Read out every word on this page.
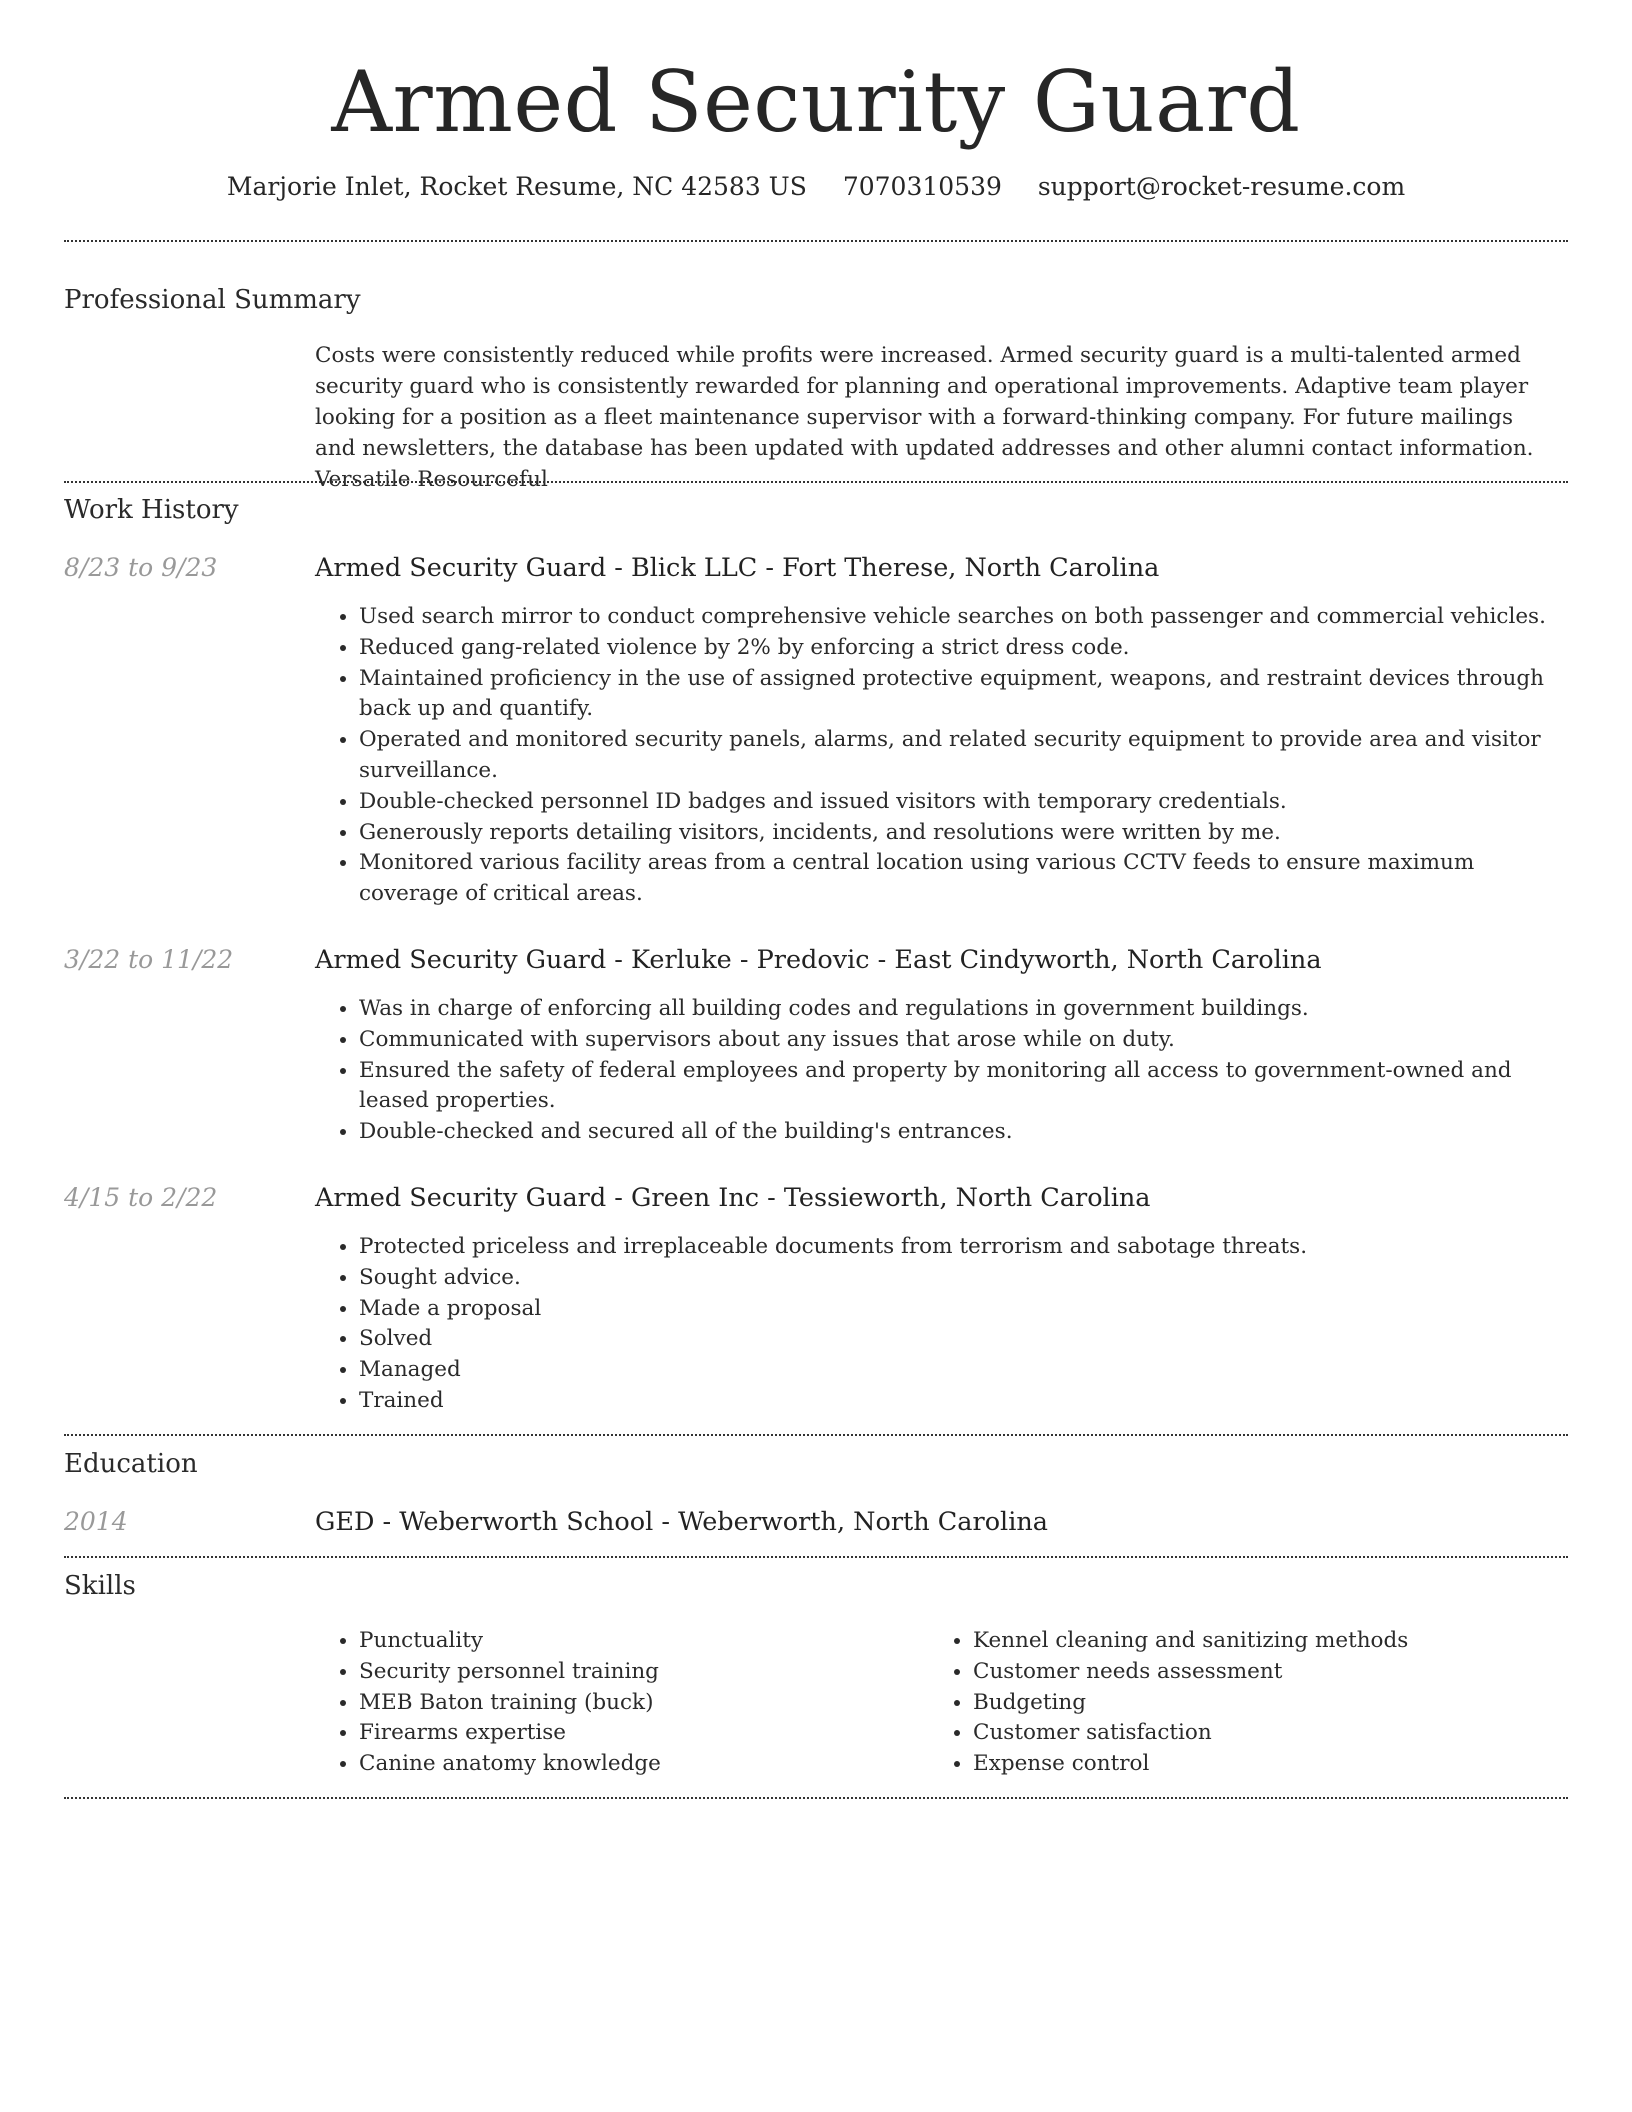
Armed Security Guard
Marjorie Inlet, Rocket Resume, NC 42583 US 7070310539 support@rocket-resume.com
Professional Summary
Costs were consistently reduced while profits were increased. Armed security guard is a multi-talented armed security guard who is consistently rewarded for planning and operational improvements. Adaptive team player looking for a position as a fleet maintenance supervisor with a forward-thinking company. For future mailings and newsletters, the database has been updated with updated addresses and other alumni contact information. Versatile Resourceful
Work History
8/23 to 9/23	Armed Security Guard - Blick LLC - Fort Therese, North Carolina
• Used search mirror to conduct comprehensive vehicle searches on both passenger and commercial vehicles.
• Reduced gang-related violence by 2% by enforcing a strict dress code.
• Maintained proficiency in the use of assigned protective equipment, weapons, and restraint devices through back up and quantify.
• Operated and monitored security panels, alarms, and related security equipment to provide area and visitor surveillance.
• Double-checked personnel ID badges and issued visitors with temporary credentials.
• Generously reports detailing visitors, incidents, and resolutions were written by me.
• Monitored various facility areas from a central location using various CCTV feeds to ensure maximum coverage of critical areas.
3/22 to 11/22	Armed Security Guard - Kerluke - Predovic - East Cindyworth, North Carolina
• Was in charge of enforcing all building codes and regulations in government buildings.
• Communicated with supervisors about any issues that arose while on duty.
• Ensured the safety of federal employees and property by monitoring all access to government-owned and leased properties.
• Double-checked and secured all of the building's entrances.
4/15 to 2/22	Armed Security Guard - Green Inc - Tessieworth, North Carolina
• Protected priceless and irreplaceable documents from terrorism and sabotage threats.
• Sought advice.
• Made a proposal
• Solved
• Managed
• Trained
Education
2014	GED - Weberworth School - Weberworth, North Carolina
Skills
• Punctuality
• Security personnel training
• MEB Baton training (buck)
• Firearms expertise
• Canine anatomy knowledge
• Kennel cleaning and sanitizing methods
• Customer needs assessment
• Budgeting
• Customer satisfaction
• Expense control
